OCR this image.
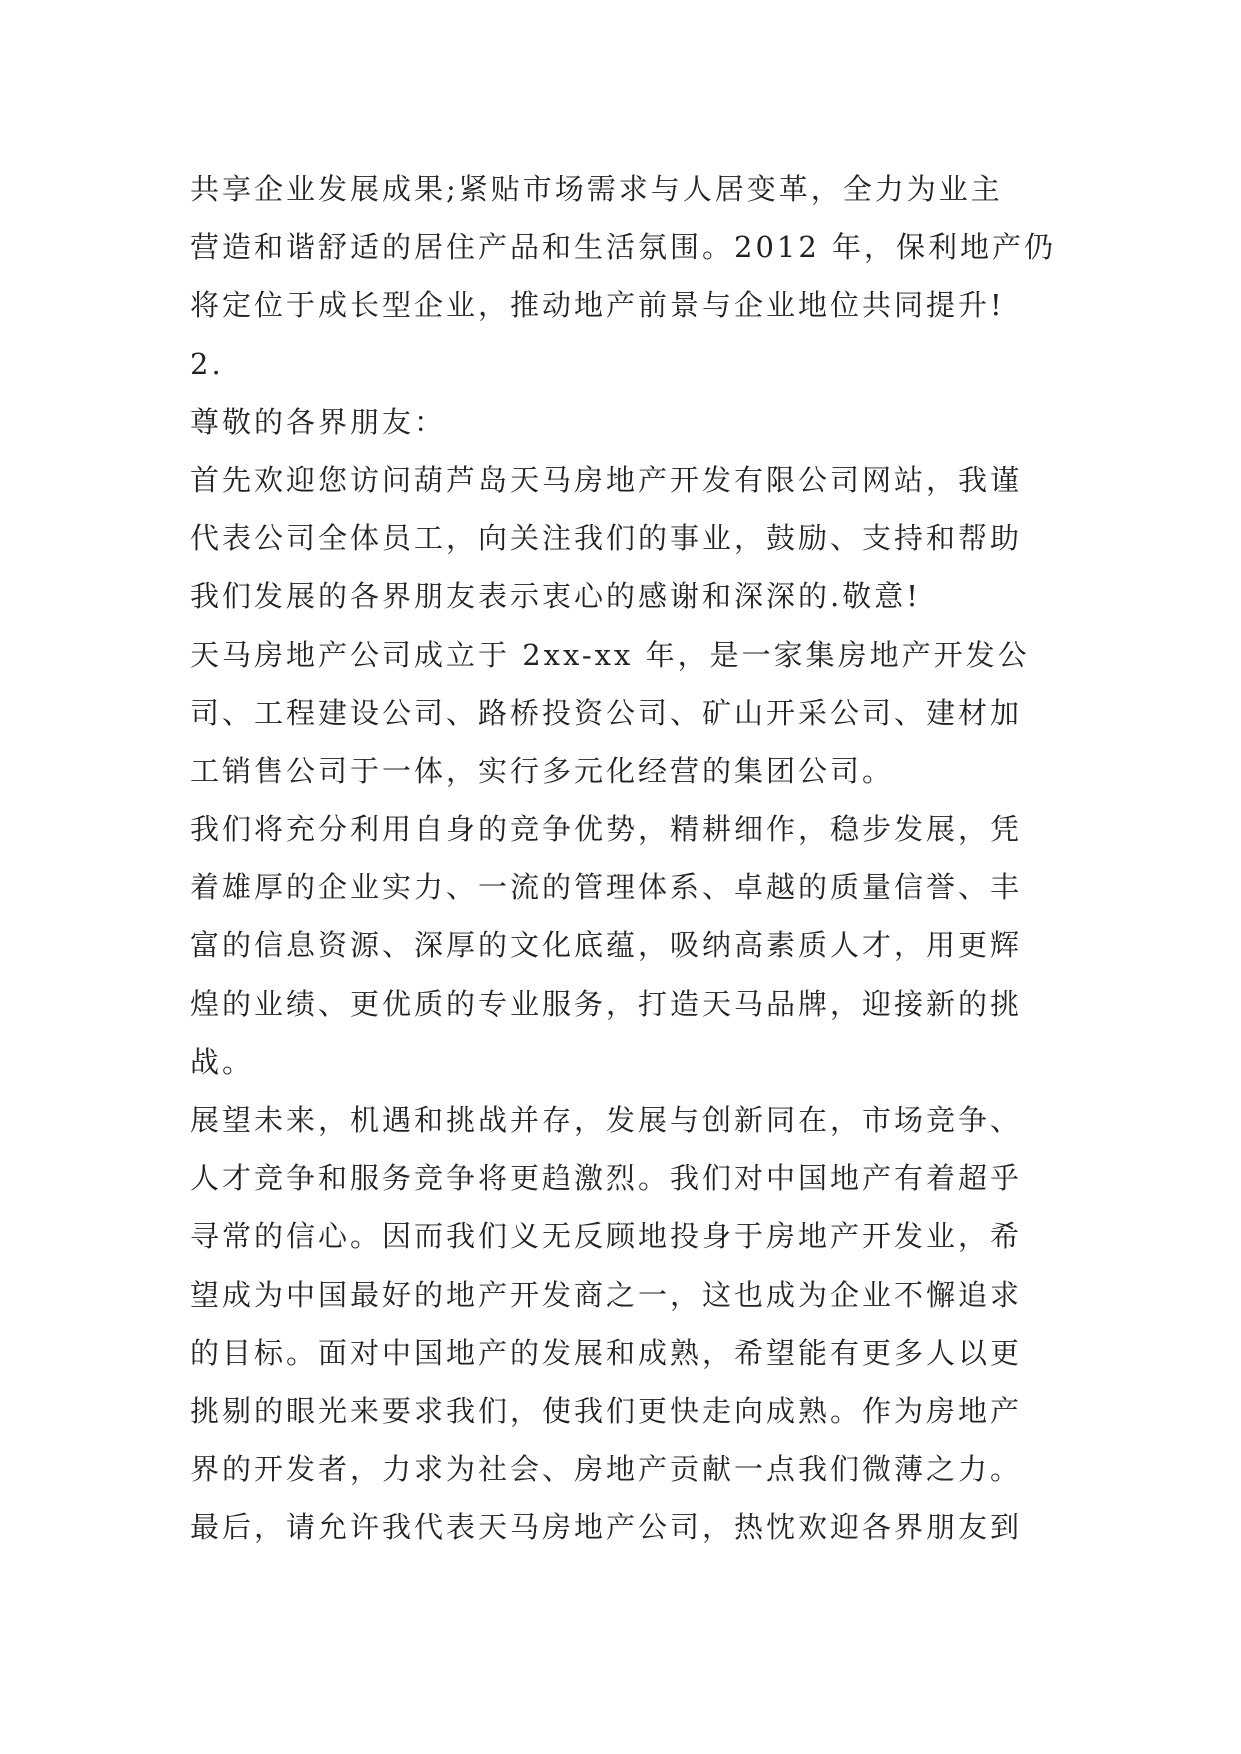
共享企业发展成果;紧贴市场需求与人居变革，全力为业主
营造和谐舒适的居住产品和生活氛围。2012 年，保利地产仍
将定位于成长型企业，推动地产前景与企业地位共同提升!
2.
尊敬的各界朋友：
首先欢迎您访问葫芦岛天马房地产开发有限公司网站，我谨
代表公司全体员工，向关注我们的事业，鼓励、支持和帮助
我们发展的各界朋友表示衷心的感谢和深深的.敬意!
天马房地产公司成立于 2xx-xx 年，是一家集房地产开发公
司、工程建设公司、路桥投资公司、矿山开采公司、建材加
工销售公司于一体，实行多元化经营的集团公司。
我们将充分利用自身的竞争优势，精耕细作，稳步发展，凭
着雄厚的企业实力、一流的管理体系、卓越的质量信誉、丰
富的信息资源、深厚的文化底蕴，吸纳高素质人才，用更辉
煌的业绩、更优质的专业服务，打造天马品牌，迎接新的挑
战。
展望未来，机遇和挑战并存，发展与创新同在，市场竞争、
人才竞争和服务竞争将更趋激烈。我们对中国地产有着超乎
寻常的信心。因而我们义无反顾地投身于房地产开发业，希
望成为中国最好的地产开发商之一，这也成为企业不懈追求
的目标。面对中国地产的发展和成熟，希望能有更多人以更
挑剔的眼光来要求我们，使我们更快走向成熟。作为房地产
界的开发者，力求为社会、房地产贡献一点我们微薄之力。
最后，请允许我代表天马房地产公司，热忱欢迎各界朋友到
